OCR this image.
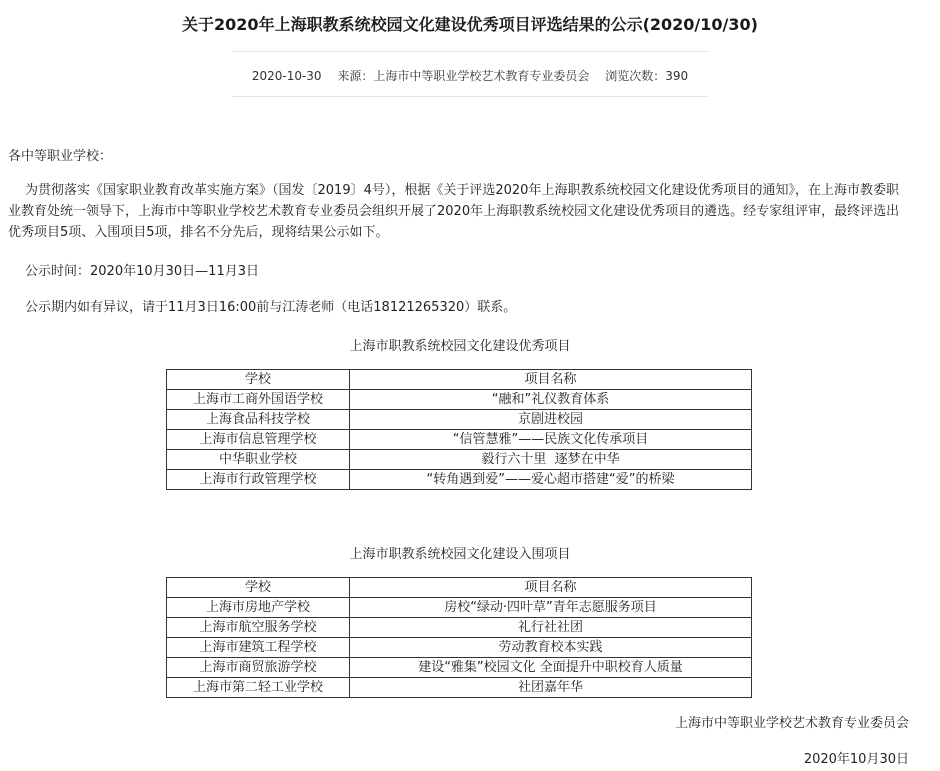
关于2020年上海职教系统校园文化建设优秀项目评选结果的公示(2020/10/30)
2020-10-30 来源：上海市中等职业学校艺术教育专业委员会 浏览次数：390
各中等职业学校：
为贯彻落实《国家职业教育改革实施方案》（国发〔2019〕4号），根据《关于评选2020年上海职教系统校园文化建设优秀项目的通知》，在上海市教委职业教育处统一领导下，上海市中等职业学校艺术教育专业委员会组织开展了2020年上海职教系统校园文化建设优秀项目的遴选。经专家组评审，最终评选出优秀项目5项、入围项目5项，排名不分先后，现将结果公示如下。
公示时间：2020年10月30日—11月3日
公示期内如有异议，请于11月3日16:00前与江涛老师（电话18121265320）联系。
上海市职教系统校园文化建设优秀项目
学校	项目名称
上海市工商外国语学校	“融和”礼仪教育体系
上海食品科技学校	京剧进校园
上海市信息管理学校	“信管慧雅”——民族文化传承项目
中华职业学校	毅行六十里  逐梦在中华
上海市行政管理学校	“转角遇到爱”——爱心超市搭建“爱”的桥梁
上海市职教系统校园文化建设入围项目
学校	项目名称
上海市房地产学校	房校“绿动·四叶草”青年志愿服务项目
上海市航空服务学校	礼行社社团
上海市建筑工程学校	劳动教育校本实践
上海市商贸旅游学校	建设“雅集”校园文化 全面提升中职校育人质量
上海市第二轻工业学校	社团嘉年华
上海市中等职业学校艺术教育专业委员会
2020年10月30日
